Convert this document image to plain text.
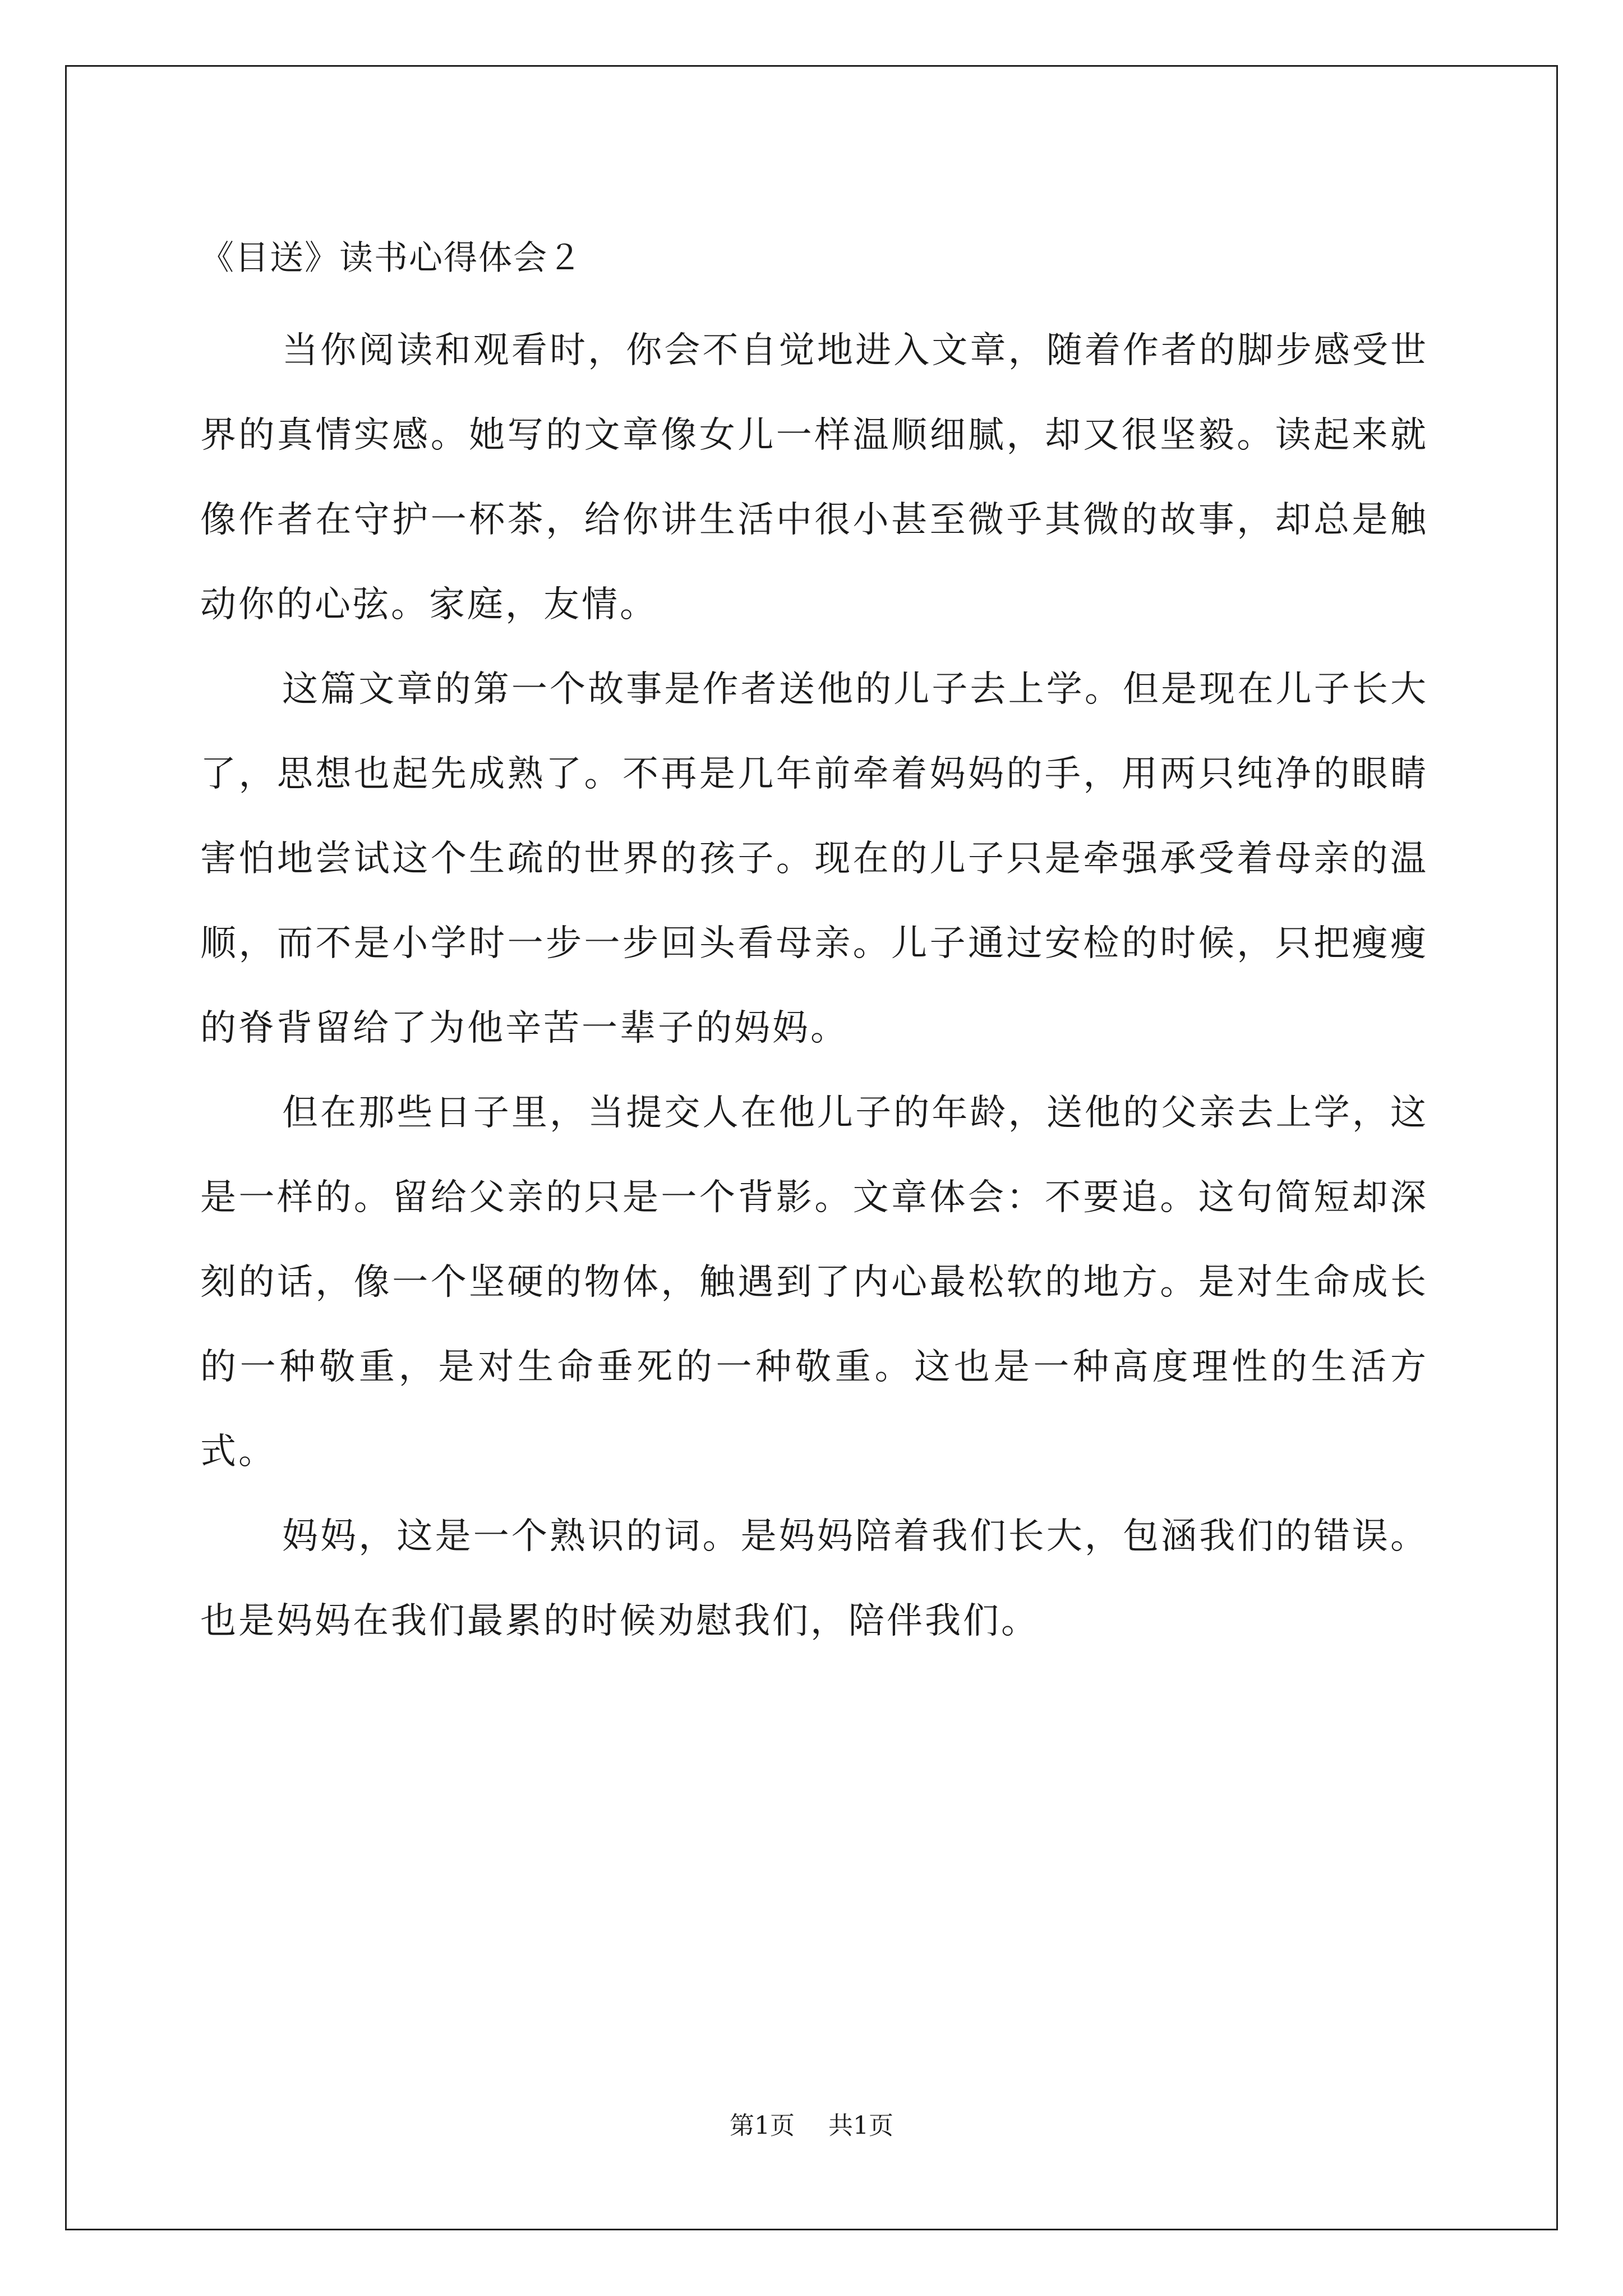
《目送》读书心得体会２

当你阅读和观看时，你会不自觉地进入文章，随着作者的脚步感受世界的真情实感。她写的文章像女儿一样温顺细腻，却又很坚毅。读起来就像作者在守护一杯茶，给你讲生活中很小甚至微乎其微的故事，却总是触动你的心弦。家庭，友情。

这篇文章的第一个故事是作者送他的儿子去上学。但是现在儿子长大了，思想也起先成熟了。不再是几年前牵着妈妈的手，用两只纯净的眼睛害怕地尝试这个生疏的世界的孩子。现在的儿子只是牵强承受着母亲的温顺，而不是小学时一步一步回头看母亲。儿子通过安检的时候，只把瘦瘦的脊背留给了为他辛苦一辈子的妈妈。

但在那些日子里，当提交人在他儿子的年龄，送他的父亲去上学，这是一样的。留给父亲的只是一个背影。文章体会：不要追。这句简短却深刻的话，像一个坚硬的物体，触遇到了内心最松软的地方。是对生命成长的一种敬重，是对生命垂死的一种敬重。这也是一种高度理性的生活方式。

妈妈，这是一个熟识的词。是妈妈陪着我们长大，包涵我们的错误。也是妈妈在我们最累的时候劝慰我们，陪伴我们。

第1页 共1页
